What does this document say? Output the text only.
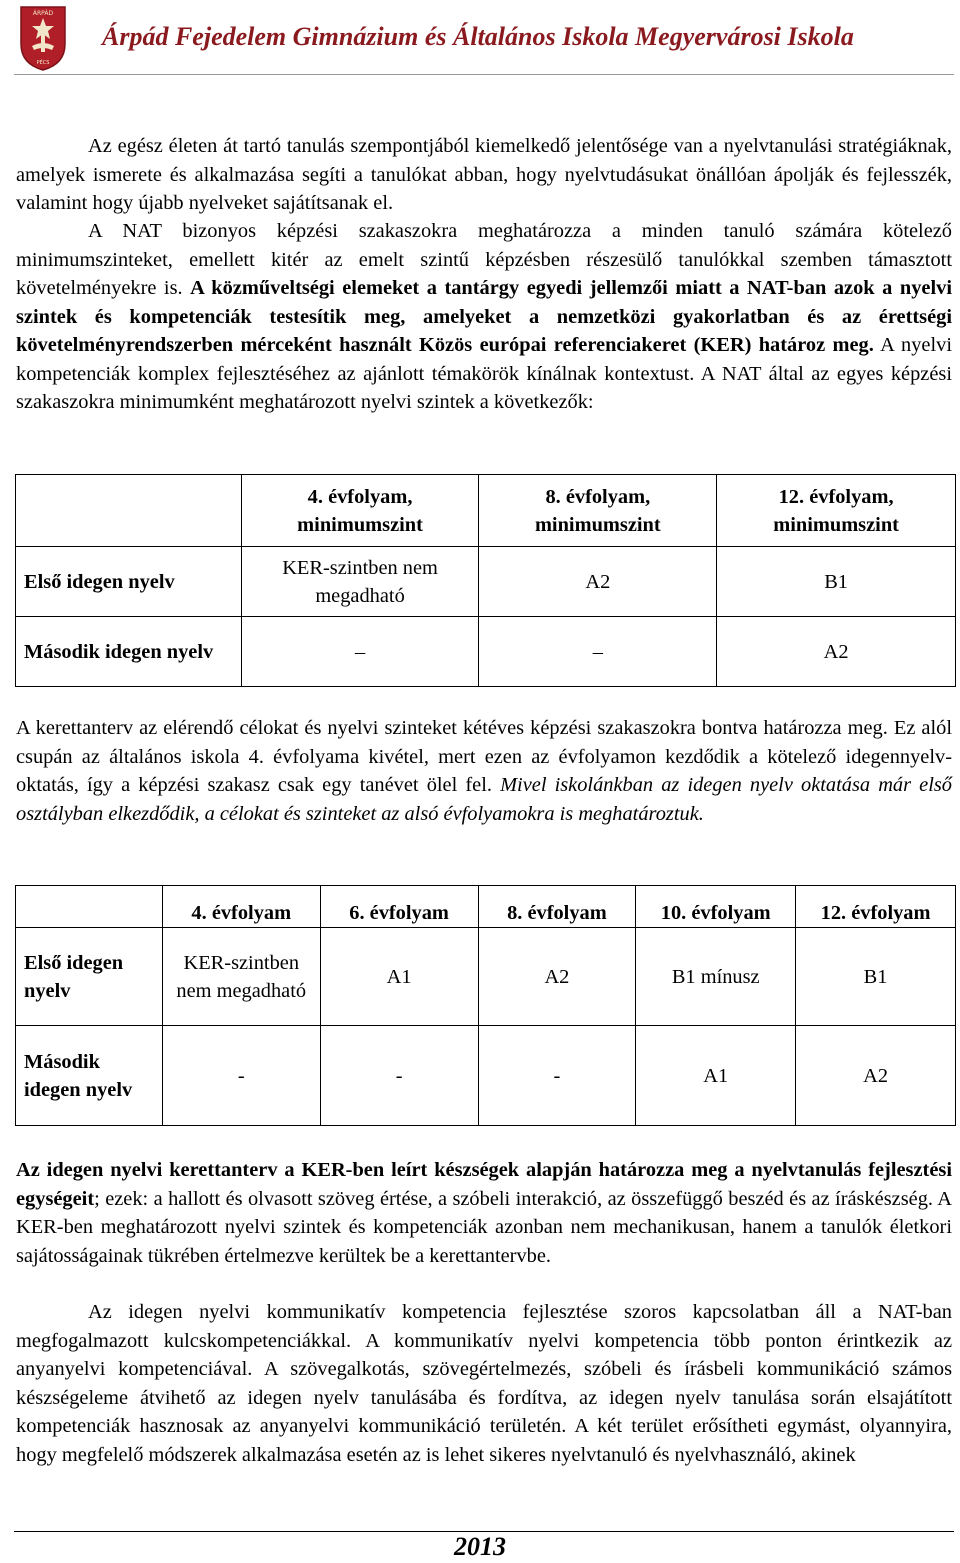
ÁRPÁD
PÉCS
Árpád Fejedelem Gimnázium és Általános Iskola Megyervárosi Iskola

Az egész életen át tartó tanulás szempontjából kiemelkedő jelentősége van a nyelvtanulási stratégiáknak, amelyek ismerete és alkalmazása segíti a tanulókat abban, hogy nyelvtudásukat önállóan ápolják és fejlesszék, valamint hogy újabb nyelveket sajátítsanak el.

A NAT bizonyos képzési szakaszokra meghatározza a minden tanuló számára kötelező minimumszinteket, emellett kitér az emelt szintű képzésben részesülő tanulókkal szemben támasztott követelményekre is. A közműveltségi elemeket a tantárgy egyedi jellemzői miatt a NAT-ban azok a nyelvi szintek és kompetenciák testesítik meg, amelyeket a nemzetközi gyakorlatban és az érettségi követelményrendszerben mérceként használt Közös európai referenciakeret (KER) határoz meg. A nyelvi kompetenciák komplex fejlesztéséhez az ajánlott témakörök kínálnak kontextust. A NAT által az egyes képzési szakaszokra minimumként meghatározott nyelvi szintek a következők:

	4. évfolyam, minimumszint	8. évfolyam, minimumszint	12. évfolyam, minimumszint
Első idegen nyelv	KER-szintben nem megadható	A2	B1
Második idegen nyelv	–	–	A2

A kerettanterv az elérendő célokat és nyelvi szinteket kétéves képzési szakaszokra bontva határozza meg. Ez alól csupán az általános iskola 4. évfolyama kivétel, mert ezen az évfolyamon kezdődik a kötelező idegennyelv-oktatás, így a képzési szakasz csak egy tanévet ölel fel. Mivel iskolánkban az idegen nyelv oktatása már első osztályban elkezdődik, a célokat és szinteket az alsó évfolyamokra is meghatároztuk.

	4. évfolyam	6. évfolyam	8. évfolyam	10. évfolyam	12. évfolyam
Első idegen nyelv	KER-szintben nem megadható	A1	A2	B1 mínusz	B1
Második idegen nyelv	-	-	-	A1	A2

Az idegen nyelvi kerettanterv a KER-ben leírt készségek alapján határozza meg a nyelvtanulás fejlesztési egységeit; ezek: a hallott és olvasott szöveg értése, a szóbeli interakció, az összefüggő beszéd és az íráskészség. A KER-ben meghatározott nyelvi szintek és kompetenciák azonban nem mechanikusan, hanem a tanulók életkori sajátosságainak tükrében értelmezve kerültek be a kerettantervbe.

Az idegen nyelvi kommunikatív kompetencia fejlesztése szoros kapcsolatban áll a NAT-ban megfogalmazott kulcskompetenciákkal. A kommunikatív nyelvi kompetencia több ponton érintkezik az anyanyelvi kompetenciával. A szövegalkotás, szövegértelmezés, szóbeli és írásbeli kommunikáció számos készségeleme átvihető az idegen nyelv tanulásába és fordítva, az idegen nyelv tanulása során elsajátított kompetenciák hasznosak az anyanyelvi kommunikáció területén. A két terület erősítheti egymást, olyannyira, hogy megfelelő módszerek alkalmazása esetén az is lehet sikeres nyelvtanuló és nyelvhasználó, akinek

2013
